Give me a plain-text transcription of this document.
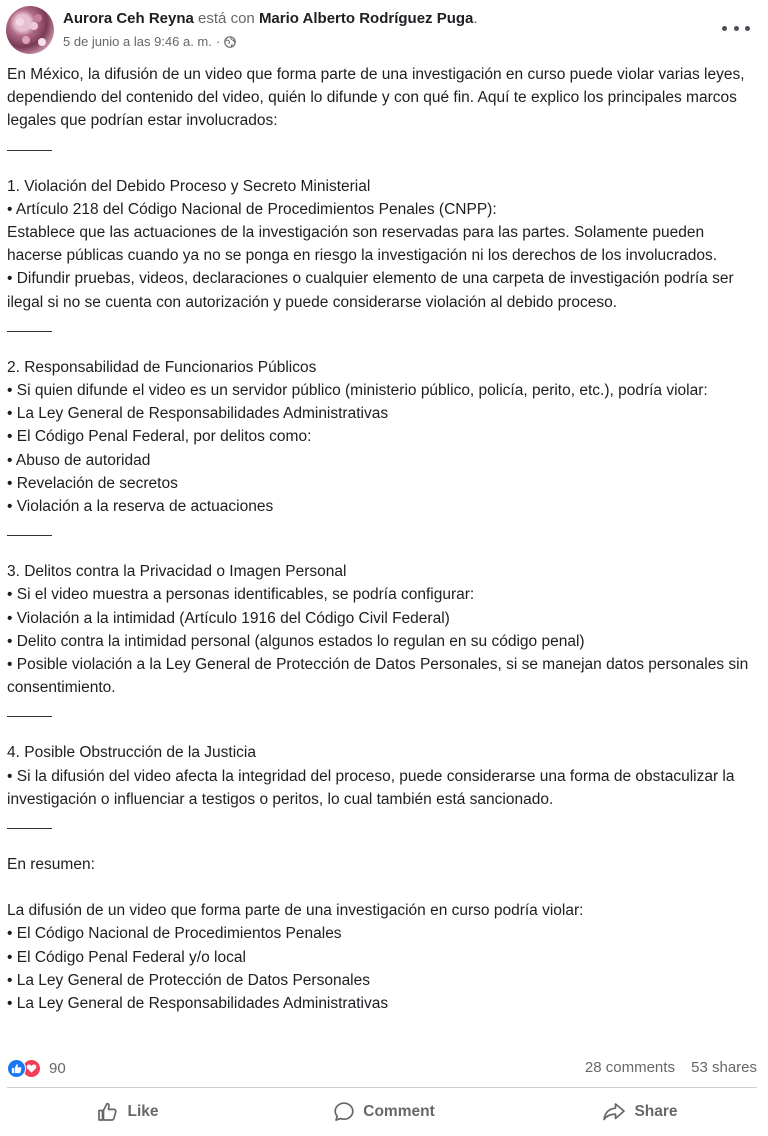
Aurora Ceh Reyna está con Mario Alberto Rodríguez Puga.
5 de junio a las 9:46 a. m. ·

En México, la difusión de un video que forma parte de una investigación en curso puede violar varias leyes, dependiendo del contenido del video, quién lo difunde y con qué fin. Aquí te explico los principales marcos legales que podrían estar involucrados:

1. Violación del Debido Proceso y Secreto Ministerial

• Artículo 218 del Código Nacional de Procedimientos Penales (CNPP):

Establece que las actuaciones de la investigación son reservadas para las partes. Solamente pueden hacerse públicas cuando ya no se ponga en riesgo la investigación ni los derechos de los involucrados.

• Difundir pruebas, videos, declaraciones o cualquier elemento de una carpeta de investigación podría ser ilegal si no se cuenta con autorización y puede considerarse violación al debido proceso.

2. Responsabilidad de Funcionarios Públicos

• Si quien difunde el video es un servidor público (ministerio público, policía, perito, etc.), podría violar:

• La Ley General de Responsabilidades Administrativas

• El Código Penal Federal, por delitos como:

• Abuso de autoridad

• Revelación de secretos

• Violación a la reserva de actuaciones

3. Delitos contra la Privacidad o Imagen Personal

• Si el video muestra a personas identificables, se podría configurar:

• Violación a la intimidad (Artículo 1916 del Código Civil Federal)

• Delito contra la intimidad personal (algunos estados lo regulan en su código penal)

• Posible violación a la Ley General de Protección de Datos Personales, si se manejan datos personales sin consentimiento.

4. Posible Obstrucción de la Justicia

• Si la difusión del video afecta la integridad del proceso, puede considerarse una forma de obstaculizar la investigación o influenciar a testigos o peritos, lo cual también está sancionado.

En resumen:

La difusión de un video que forma parte de una investigación en curso podría violar:

• El Código Nacional de Procedimientos Penales

• El Código Penal Federal y/o local

• La Ley General de Protección de Datos Personales

• La Ley General de Responsabilidades Administrativas

90	28 comments 53 shares
Like	Comment	Share
